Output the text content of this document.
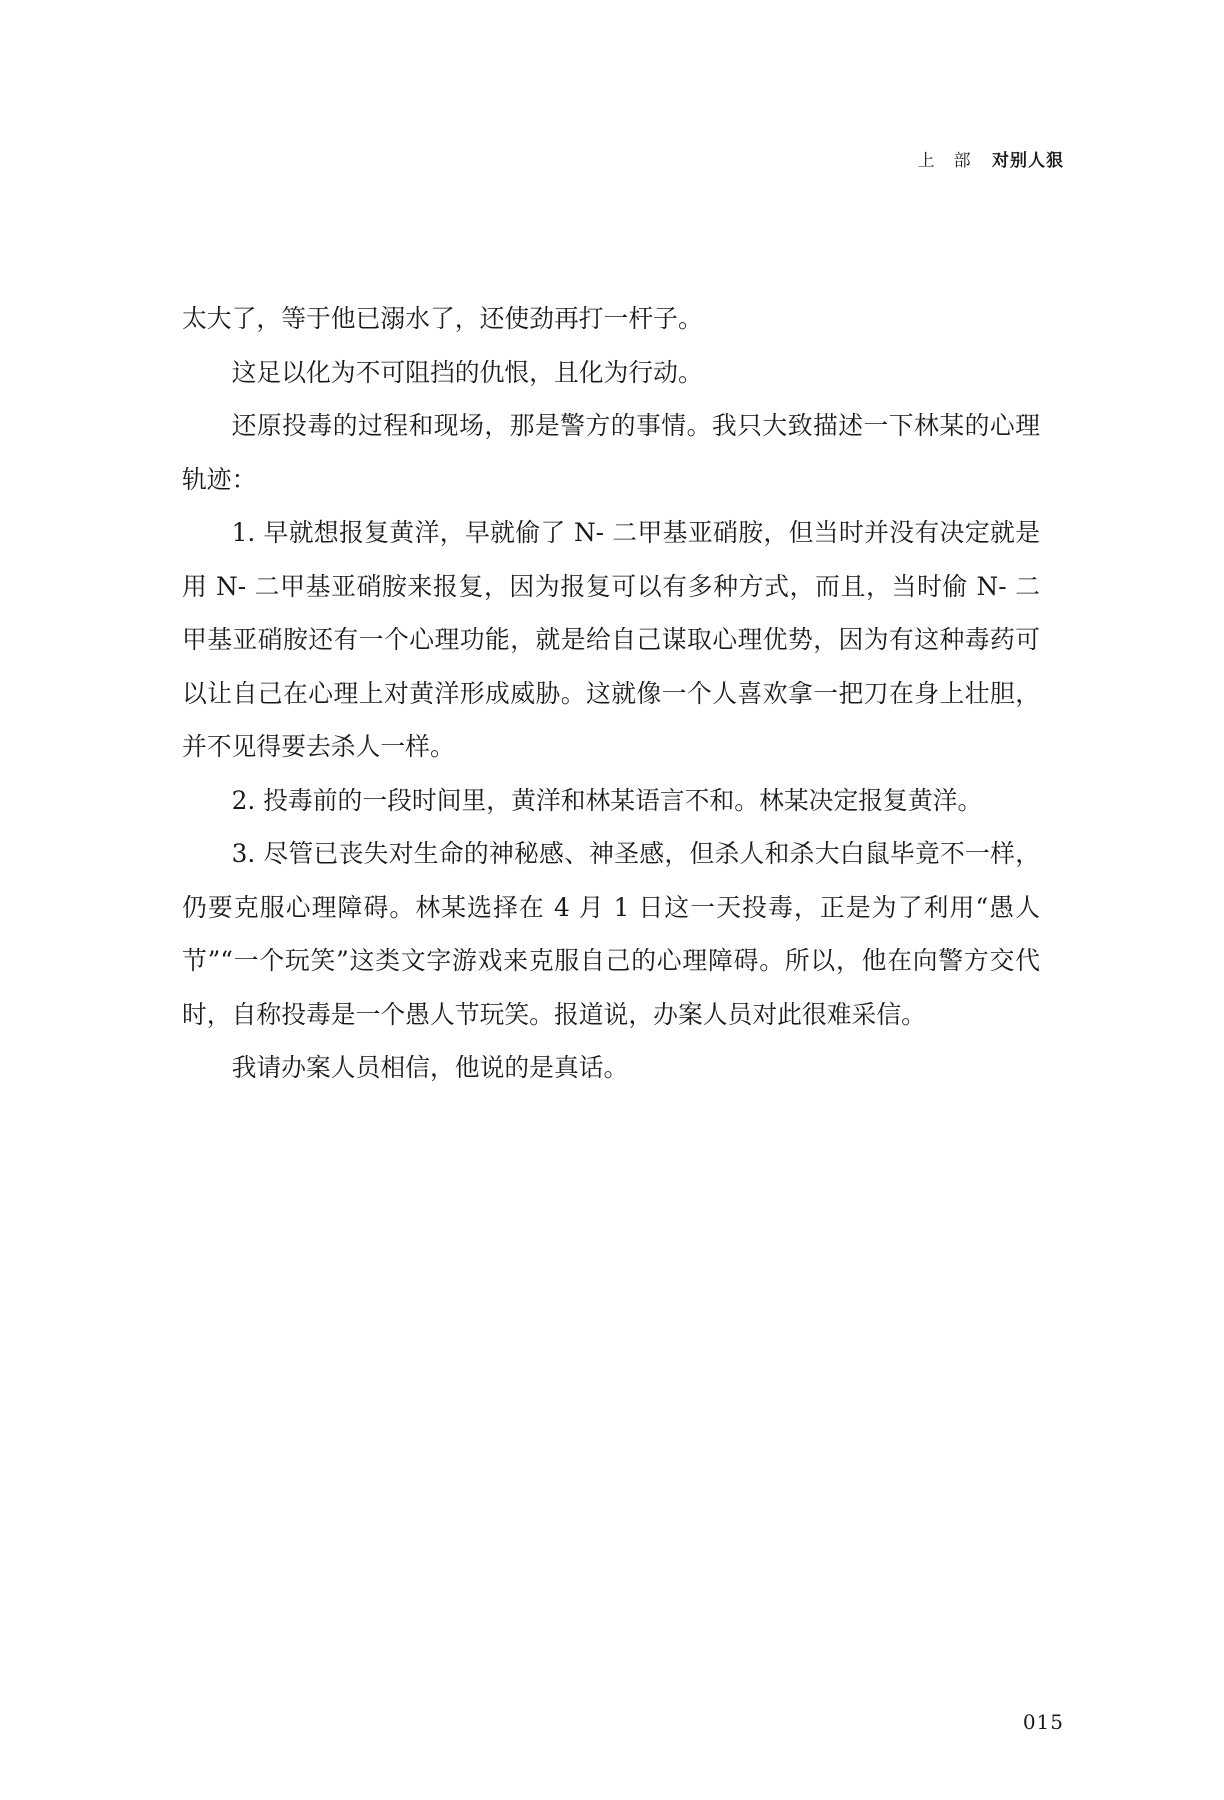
上　部 对别人狠

太大了，等于他已溺水了，还使劲再打一杆子。

这足以化为不可阻挡的仇恨，且化为行动。

还原投毒的过程和现场，那是警方的事情。我只大致描述一下林某的心理轨迹：

1. 早就想报复黄洋，早就偷了 N- 二甲基亚硝胺，但当时并没有决定就是用 N- 二甲基亚硝胺来报复，因为报复可以有多种方式，而且，当时偷 N- 二甲基亚硝胺还有一个心理功能，就是给自己谋取心理优势，因为有这种毒药可以让自己在心理上对黄洋形成威胁。这就像一个人喜欢拿一把刀在身上壮胆，并不见得要去杀人一样。

2. 投毒前的一段时间里，黄洋和林某语言不和。林某决定报复黄洋。

3. 尽管已丧失对生命的神秘感、神圣感，但杀人和杀大白鼠毕竟不一样，仍要克服心理障碍。林某选择在 4 月 1 日这一天投毒，正是为了利用“愚人节”“一个玩笑”这类文字游戏来克服自己的心理障碍。所以，他在向警方交代时，自称投毒是一个愚人节玩笑。报道说，办案人员对此很难采信。

我请办案人员相信，他说的是真话。

015
